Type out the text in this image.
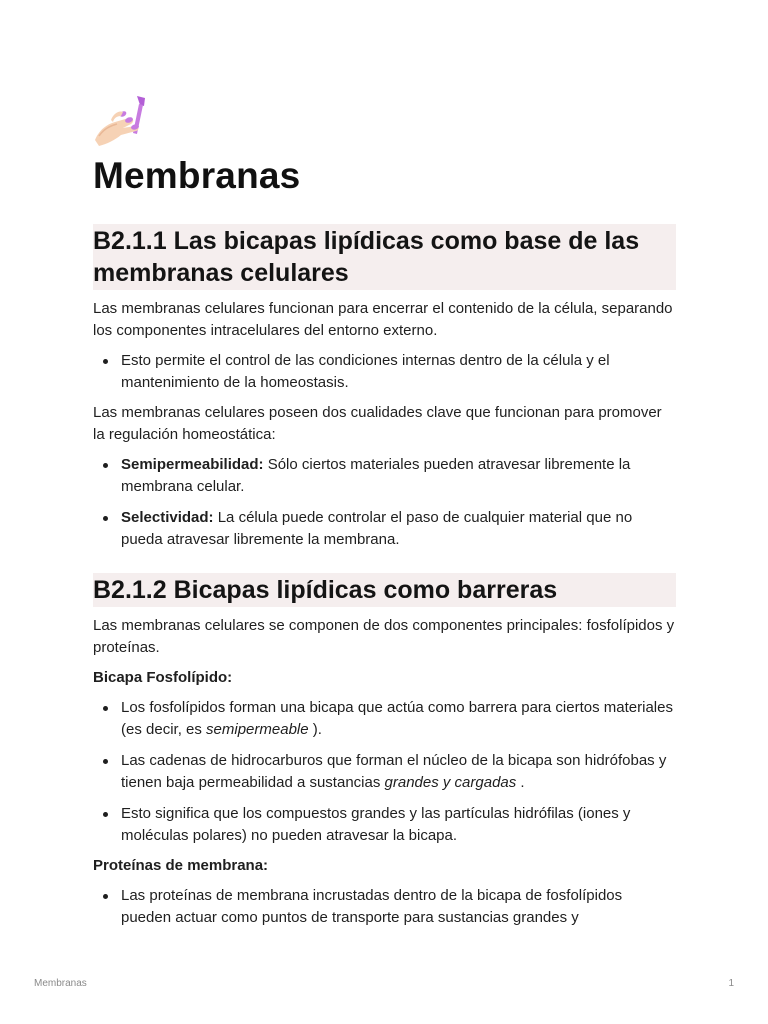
Membranas
B2.1.1 Las bicapas lipídicas como base de las membranas celulares

Las membranas celulares funcionan para encerrar el contenido de la célula, separando los componentes intracelulares del entorno externo.

Esto permite el control de las condiciones internas dentro de la célula y el mantenimiento de la homeostasis.

Las membranas celulares poseen dos cualidades clave que funcionan para promover la regulación homeostática:

Semipermeabilidad: Sólo ciertos materiales pueden atravesar libremente la membrana celular.
Selectividad: La célula puede controlar el paso de cualquier material que no pueda atravesar libremente la membrana.
B2.1.2 Bicapas lipídicas como barreras

Las membranas celulares se componen de dos componentes principales: fosfolípidos y proteínas.

Bicapa Fosfolípido:

Los fosfolípidos forman una bicapa que actúa como barrera para ciertos materiales (es decir, es semipermeable ).
Las cadenas de hidrocarburos que forman el núcleo de la bicapa son hidrófobas y tienen baja permeabilidad a sustancias grandes y cargadas .
Esto significa que los compuestos grandes y las partículas hidrófilas (iones y moléculas polares) no pueden atravesar la bicapa.

Proteínas de membrana:

Las proteínas de membrana incrustadas dentro de la bicapa de fosfolípidos pueden actuar como puntos de transporte para sustancias grandes y
Membranas	1
